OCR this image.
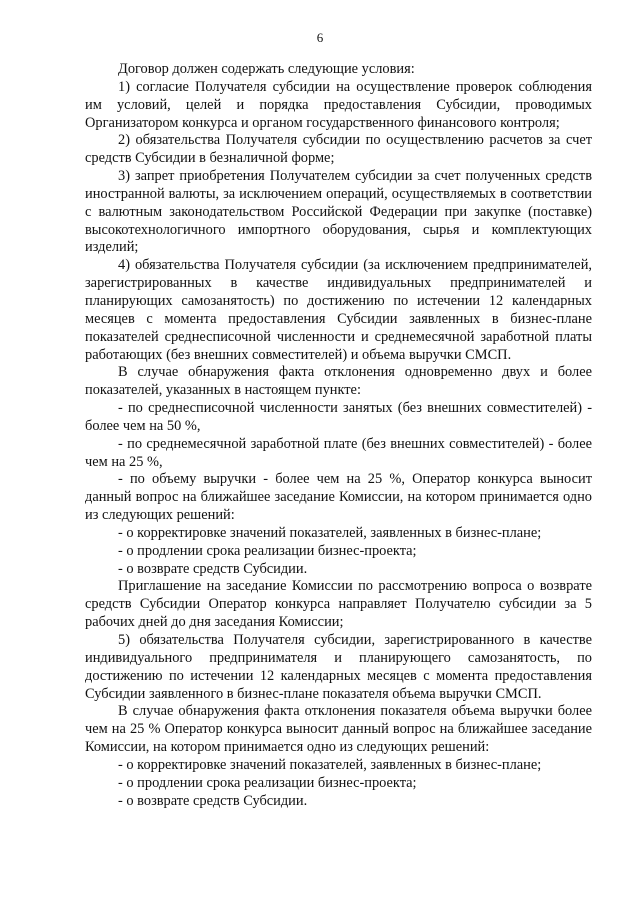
6

Договор должен содержать следующие условия:

1) согласие Получателя субсидии на осуществление проверок соблюдения им условий, целей и порядка предоставления Субсидии, проводимых Организатором конкурса и органом государственного финансового контроля;

2) обязательства Получателя субсидии по осуществлению расчетов за счет средств Субсидии в безналичной форме;

3) запрет приобретения Получателем субсидии за счет полученных средств иностранной валюты, за исключением операций, осуществляемых в соответствии с валютным законодательством Российской Федерации при закупке (поставке) высокотехнологичного импортного оборудования, сырья и комплектующих изделий;

4) обязательства Получателя субсидии (за исключением предпринимателей, зарегистрированных в качестве индивидуальных предпринимателей и планирующих самозанятость) по достижению по истечении 12 календарных месяцев с момента предоставления Субсидии заявленных в бизнес-плане показателей среднесписочной численности и среднемесячной заработной платы работающих (без внешних совместителей) и объема выручки СМСП.

В случае обнаружения факта отклонения одновременно двух и более показателей, указанных в настоящем пункте:

- по среднесписочной численности занятых (без внешних совместителей) - более чем на 50 %,

- по среднемесячной заработной плате (без внешних совместителей) - более чем на 25 %,

- по объему выручки - более чем на 25 %, Оператор конкурса выносит данный вопрос на ближайшее заседание Комиссии, на котором принимается одно из следующих решений:

- о корректировке значений показателей, заявленных в бизнес-плане;

- о продлении срока реализации бизнес-проекта;

- о возврате средств Субсидии.

Приглашение на заседание Комиссии по рассмотрению вопроса о возврате средств Субсидии Оператор конкурса направляет Получателю субсидии за 5 рабочих дней до дня заседания Комиссии;

5) обязательства Получателя субсидии, зарегистрированного в качестве индивидуального предпринимателя и планирующего самозанятость, по достижению по истечении 12 календарных месяцев с момента предоставления Субсидии заявленного в бизнес-плане показателя объема выручки СМСП.

В случае обнаружения факта отклонения показателя объема выручки более чем на 25 % Оператор конкурса выносит данный вопрос на ближайшее заседание Комиссии, на котором принимается одно из следующих решений:

- о корректировке значений показателей, заявленных в бизнес-плане;

- о продлении срока реализации бизнес-проекта;

- о возврате средств Субсидии.
